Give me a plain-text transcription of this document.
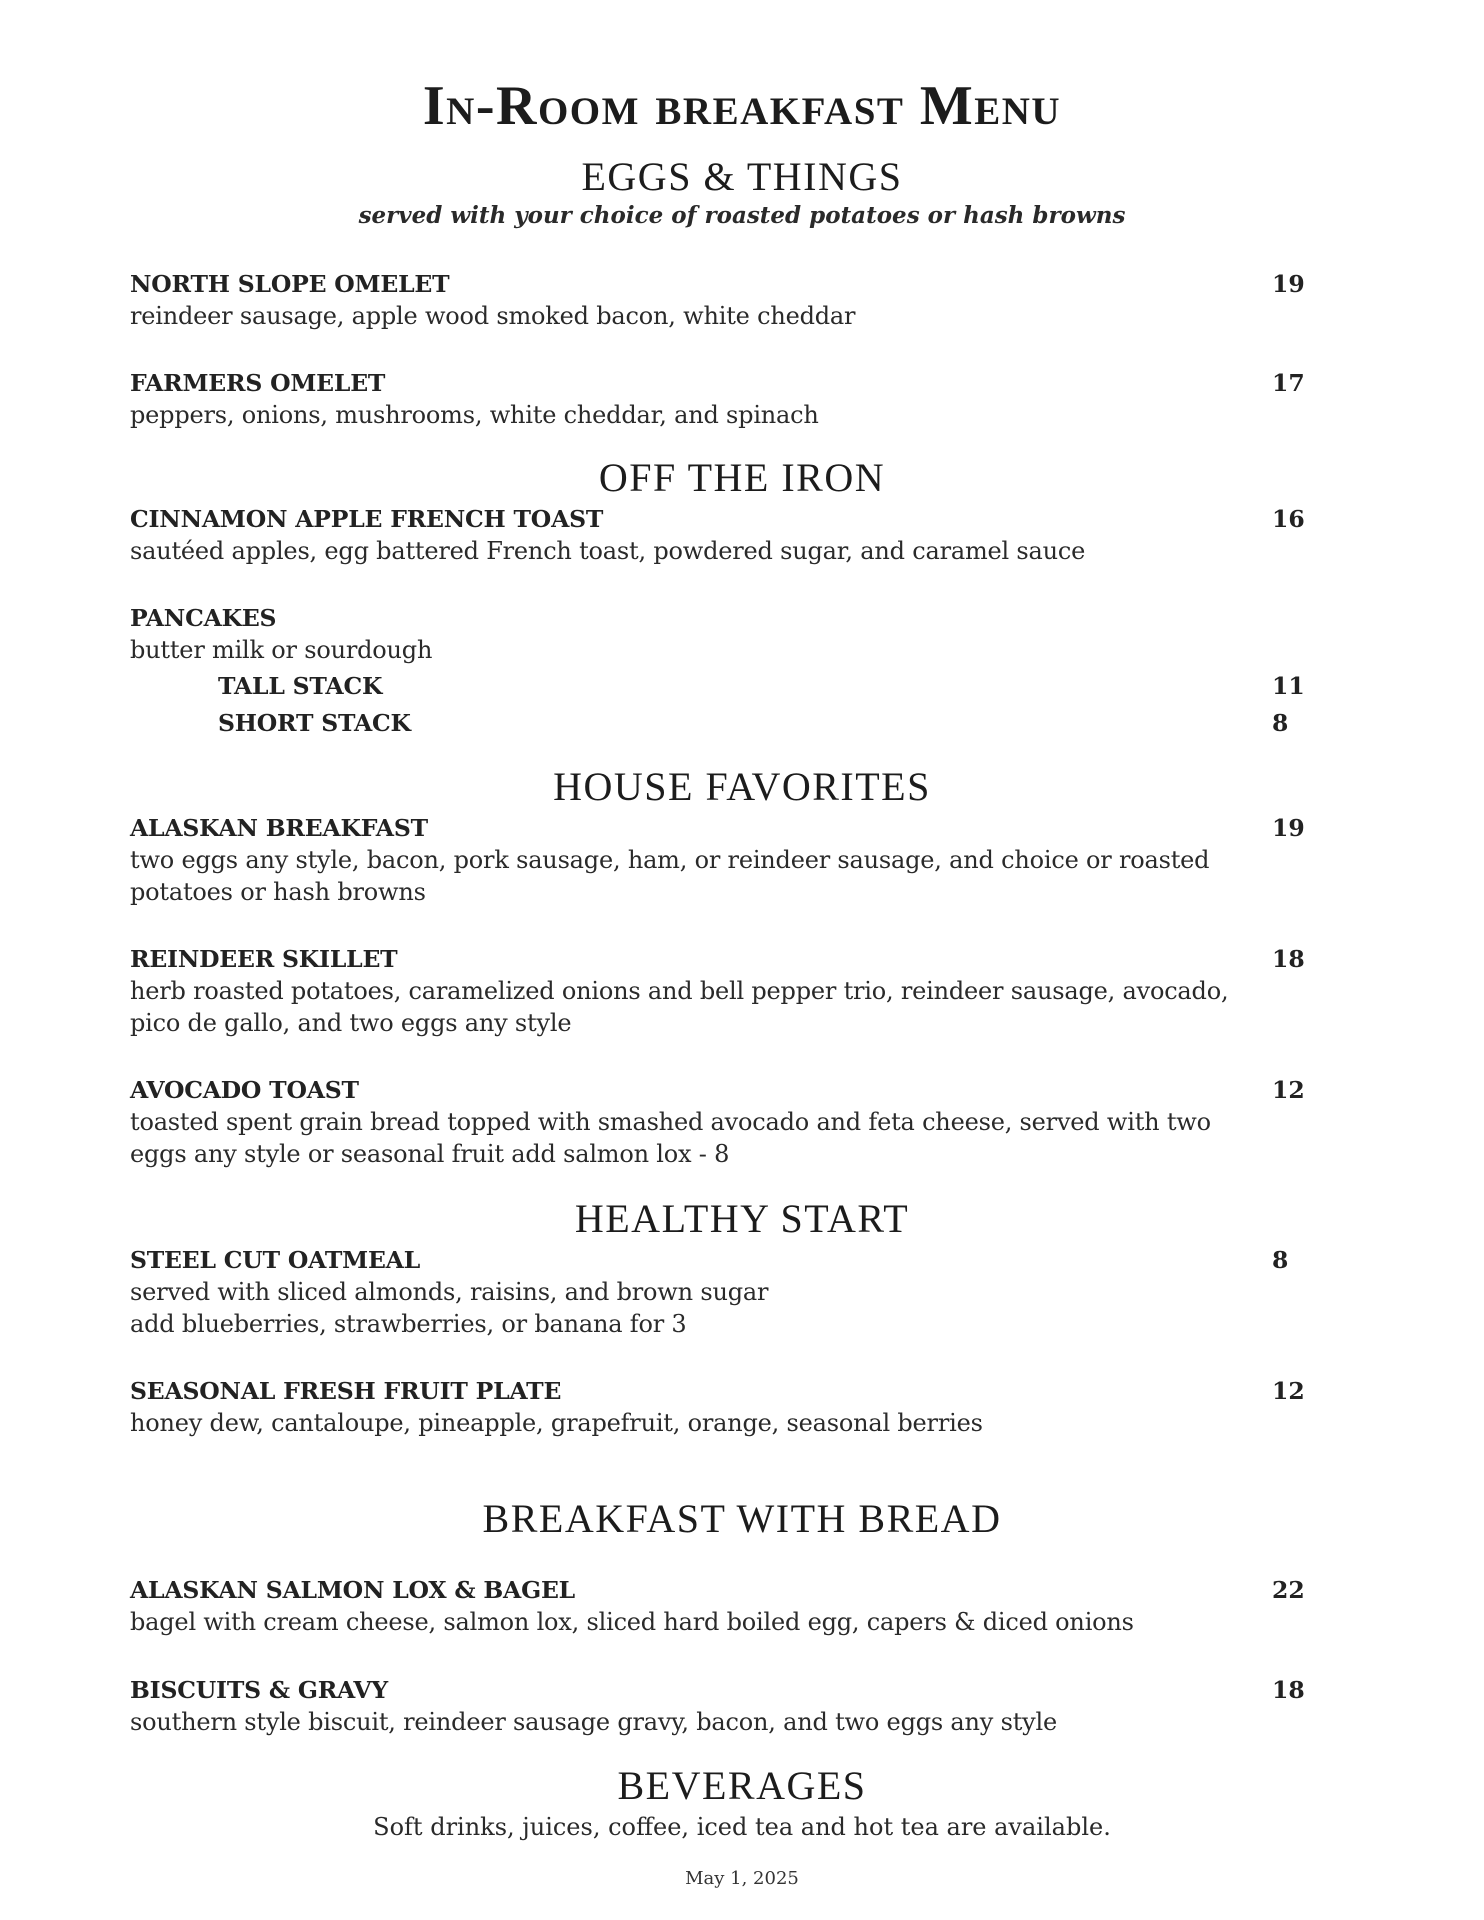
In-Room breakfast Menu
EGGS & THINGS
served with your choice of roasted potatoes or hash browns
NORTH SLOPE OMELET	19
reindeer sausage, apple wood smoked bacon, white cheddar
FARMERS OMELET	17
peppers, onions, mushrooms, white cheddar, and spinach
OFF THE IRON
CINNAMON APPLE FRENCH TOAST	16
sautéed apples, egg battered French toast, powdered sugar, and caramel sauce
PANCAKES
butter milk or sourdough
TALL STACK	11
SHORT STACK	8
HOUSE FAVORITES
ALASKAN BREAKFAST	19
two eggs any style, bacon, pork sausage, ham, or reindeer sausage, and choice or roasted potatoes or hash browns
REINDEER SKILLET	18
herb roasted potatoes, caramelized onions and bell pepper trio, reindeer sausage, avocado, pico de gallo, and two eggs any style
AVOCADO TOAST	12
toasted spent grain bread topped with smashed avocado and feta cheese, served with two eggs any style or seasonal fruit add salmon lox - 8
HEALTHY START
STEEL CUT OATMEAL	8
served with sliced almonds, raisins, and brown sugar
add blueberries, strawberries, or banana for 3
SEASONAL FRESH FRUIT PLATE	12
honey dew, cantaloupe, pineapple, grapefruit, orange, seasonal berries
BREAKFAST WITH BREAD
ALASKAN SALMON LOX & BAGEL	22
bagel with cream cheese, salmon lox, sliced hard boiled egg, capers & diced onions
BISCUITS & GRAVY	18
southern style biscuit, reindeer sausage gravy, bacon, and two eggs any style
BEVERAGES
Soft drinks, juices, coffee, iced tea and hot tea are available.
May 1, 2025
